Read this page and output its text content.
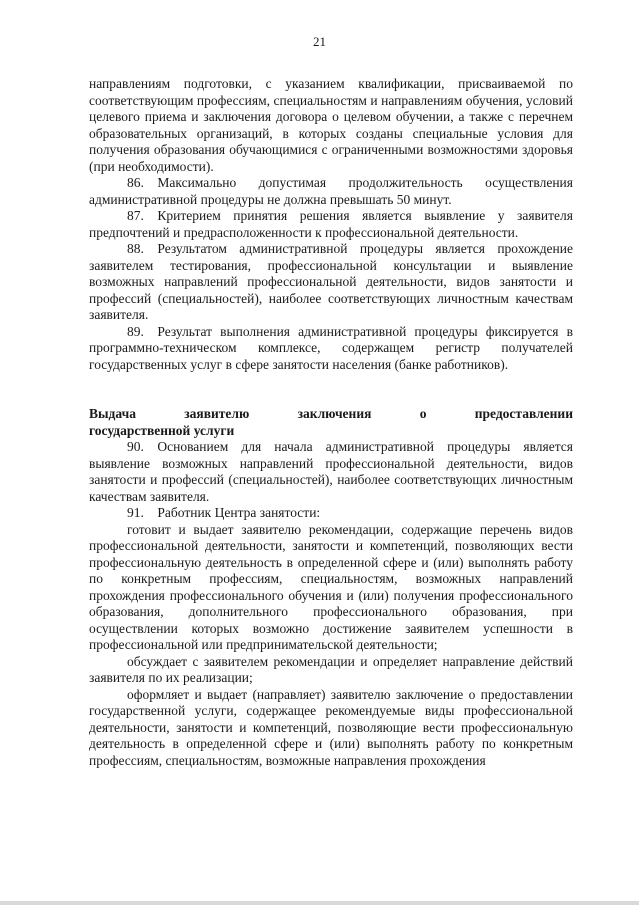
21

направлениям подготовки, с указанием квалификации, присваиваемой по соответствующим профессиям, специальностям и направлениям обучения, условий целевого приема и заключения договора о целевом обучении, а также с перечнем образовательных организаций, в которых созданы специальные условия для получения образования обучающимися с ограниченными возможностями здоровья (при необходимости).

86. Максимально допустимая продолжительность осуществления административной процедуры не должна превышать 50 минут.

87. Критерием принятия решения является выявление у заявителя предпочтений и предрасположенности к профессиональной деятельности.

88. Результатом административной процедуры является прохождение заявителем тестирования, профессиональной консультации и выявление возможных направлений профессиональной деятельности, видов занятости и профессий (специальностей), наиболее соответствующих личностным качествам заявителя.

89. Результат выполнения административной процедуры фиксируется в программно-техническом комплексе, содержащем регистр получателей государственных услуг в сфере занятости населения (банке работников).

Выдача заявителю заключения о предоставлении

государственной услуги

90. Основанием для начала административной процедуры является выявление возможных направлений профессиональной деятельности, видов занятости и профессий (специальностей), наиболее соответствующих личностным качествам заявителя.

91. Работник Центра занятости:

готовит и выдает заявителю рекомендации, содержащие перечень видов профессиональной деятельности, занятости и компетенций, позволяющих вести профессиональную деятельность в определенной сфере и (или) выполнять работу по конкретным профессиям, специальностям, возможных направлений прохождения профессионального обучения и (или) получения профессионального образования, дополнительного профессионального образования, при осуществлении которых возможно достижение заявителем успешности в профессиональной или предпринимательской деятельности;

обсуждает с заявителем рекомендации и определяет направление действий заявителя по их реализации;

оформляет и выдает (направляет) заявителю заключение о предоставлении государственной услуги, содержащее рекомендуемые виды профессиональной деятельности, занятости и компетенций, позволяющие вести профессиональную деятельность в определенной сфере и (или) выполнять работу по конкретным профессиям, специальностям, возможные направления прохождения
